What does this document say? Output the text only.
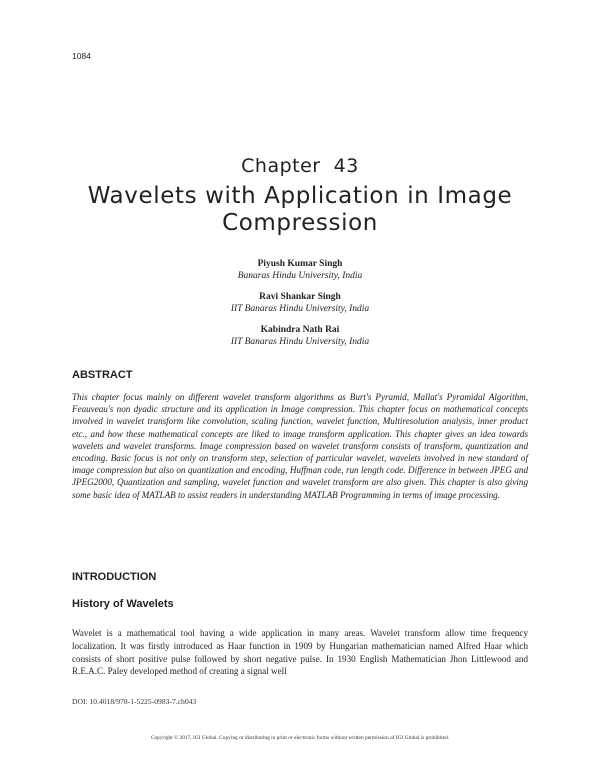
1084
Chapter  43
Wavelets with Application in Image Compression
Piyush Kumar Singh
Banaras Hindu University, India
Ravi Shankar Singh
IIT Banaras Hindu University, India
Kabindra Nath Rai
IIT Banaras Hindu University, India
ABSTRACT

This chapter focus mainly on different wavelet transform algorithms as Burt's Pyramid, Mallat's Pyramidal Algorithm, Feauveau's non dyadic structure and its application in Image compression. This chapter focus on mathematical concepts involved in wavelet transform like convolution, scaling function, wavelet function, Multiresolution analysis, inner product etc., and how these mathematical concepts are liked to image transform application. This chapter gives an idea towards wavelets and wavelet transforms. Image compression based on wavelet transform consists of transform, quantization and encoding. Basic focus is not only on transform step, selection of particular wavelet, wavelets involved in new standard of image compression but also on quantization and encoding, Huffman code, run length code. Difference in between JPEG and JPEG2000, Quantization and sampling, wavelet function and wavelet transform are also given. This chapter is also giving some basic idea of MATLAB to assist readers in understanding MATLAB Programming in terms of image processing.

INTRODUCTION
History of Wavelets

Wavelet is a mathematical tool having a wide application in many areas. Wavelet transform allow time frequency localization. It was firstly introduced as Haar function in 1909 by Hungarian mathematician named Alfred Haar which consists of short positive pulse followed by short negative pulse. In 1930 English Mathematician Jhon Littlewood and R.E.A.C. Paley developed method of creating a signal well

DOI: 10.4018/978-1-5225-0983-7.ch043
Copyright © 2017, IGI Global. Copying or distributing in print or electronic forms without written permission of IGI Global is prohibited.
